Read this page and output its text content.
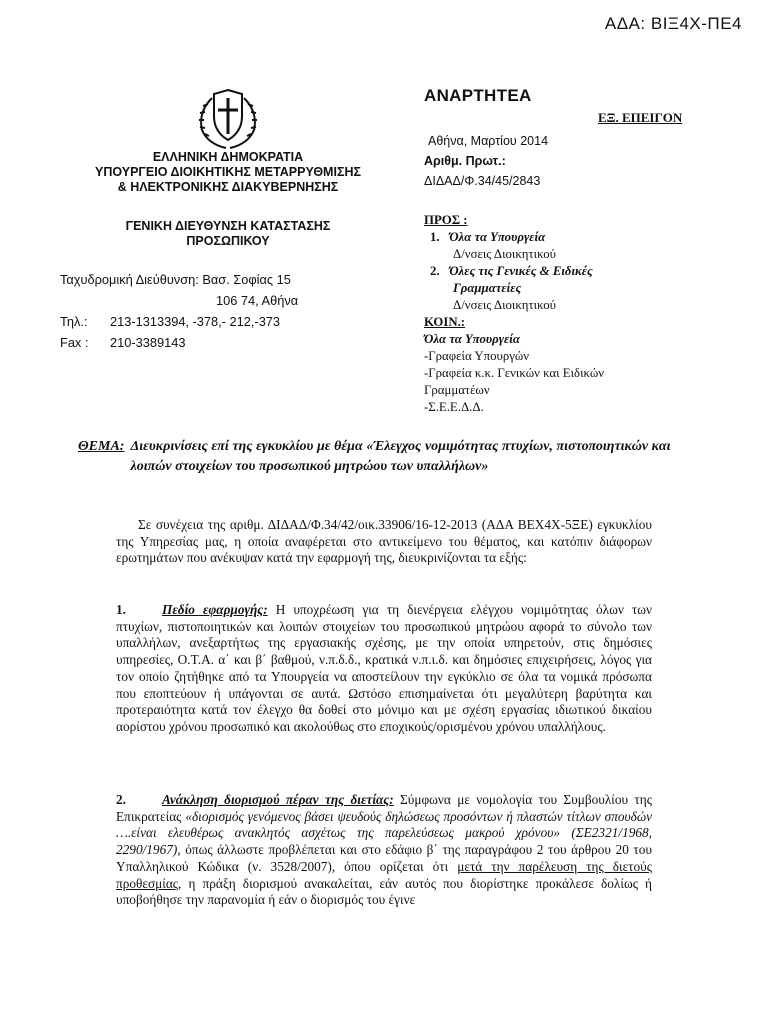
ΑΔΑ: ΒΙΞ4Χ-ΠΕ4
ΕΛΛΗΝΙΚΗ ΔΗΜΟΚΡΑΤΙΑ
ΥΠΟΥΡΓΕΙΟ ΔΙΟΙΚΗΤΙΚΗΣ ΜΕΤΑΡΡΥΘΜΙΣΗΣ
& ΗΛΕΚΤΡΟΝΙΚΗΣ ΔΙΑΚΥΒΕΡΝΗΣΗΣ
ΓΕΝΙΚΗ ΔΙΕΥΘΥΝΣΗ ΚΑΤΑΣΤΑΣΗΣ
ΠΡΟΣΩΠΙΚΟΥ
Ταχυδρομική Διεύθυνση: Βασ. Σοφίας 15
106 74, Αθήνα
Τηλ.:	213-1313394, -378,- 212,-373
Fax :	210-3389143
ΑΝΑΡΤΗΤΕΑ
ΕΞ. ΕΠΕΙΓΟΝ
Αθήνα, Μαρτίου 2014
Αριθμ. Πρωτ.:
ΔΙΔΑΔ/Φ.34/45/2843
ΠΡΟΣ :
1. Όλα τα Υπουργεία
Δ/νσεις Διοικητικού
2. Όλες τις Γενικές & Ειδικές
Γραμματείες
Δ/νσεις Διοικητικού
ΚΟΙΝ.:
Όλα τα Υπουργεία
-Γραφεία Υπουργών
-Γραφεία κ.κ. Γενικών και Ειδικών
Γραμματέων
-Σ.Ε.Ε.Δ.Δ.
ΘΕΜΑ: Διευκρινίσεις επί της εγκυκλίου με θέμα «Έλεγχος νομιμότητας πτυχίων, πιστοποιητικών και λοιπών στοιχείων του προσωπικού μητρώου των υπαλλήλων»
Σε συνέχεια της αριθμ. ΔΙΔΑΔ/Φ.34/42/οικ.33906/16-12-2013 (ΑΔΑ ΒΕΧ4Χ-5ΞΕ) εγκυκλίου της Υπηρεσίας μας, η οποία αναφέρεται στο αντικείμενο του θέματος, και κατόπιν διάφορων ερωτημάτων που ανέκυψαν κατά την εφαρμογή της, διευκρινίζονται τα εξής:
1.	Πεδίο εφαρμογής: Η υποχρέωση για τη διενέργεια ελέγχου νομιμότητας όλων των πτυχίων, πιστοποιητικών και λοιπών στοιχείων του προσωπικού μητρώου αφορά το σύνολο των υπαλλήλων, ανεξαρτήτως της εργασιακής σχέσης, με την οποία υπηρετούν, στις δημόσιες υπηρεσίες, Ο.Τ.Α. α΄ και β΄ βαθμού, ν.π.δ.δ., κρατικά ν.π.ι.δ. και δημόσιες επιχειρήσεις, λόγος για τον οποίο ζητήθηκε από τα Υπουργεία να αποστείλουν την εγκύκλιο σε όλα τα νομικά πρόσωπα που εποπτεύουν ή υπάγονται σε αυτά. Ωστόσο επισημαίνεται ότι μεγαλύτερη βαρύτητα και προτεραιότητα κατά τον έλεγχο θα δοθεί στο μόνιμο και με σχέση εργασίας ιδιωτικού δικαίου αορίστου χρόνου προσωπικό και ακολούθως στο εποχικούς/ορισμένου χρόνου υπαλλήλους.
2.	Ανάκληση διορισμού πέραν της διετίας: Σύμφωνα με νομολογία του Συμβουλίου της Επικρατείας «διορισμός γενόμενος βάσει ψευδούς δηλώσεως προσόντων ή πλαστών τίτλων σπουδών ….είναι ελευθέρως ανακλητός ασχέτως της παρελεύσεως μακρού χρόνου» (ΣΕ2321/1968, 2290/1967), όπως άλλωστε προβλέπεται και στο εδάφιο β΄ της παραγράφου 2 του άρθρου 20 του Υπαλληλικού Κώδικα (ν. 3528/2007), όπου ορίζεται ότι μετά την παρέλευση της διετούς προθεσμίας, η πράξη διορισμού ανακαλείται, εάν αυτός που διορίστηκε προκάλεσε δολίως ή υποβοήθησε την παρανομία ή εάν ο διορισμός του έγινε
